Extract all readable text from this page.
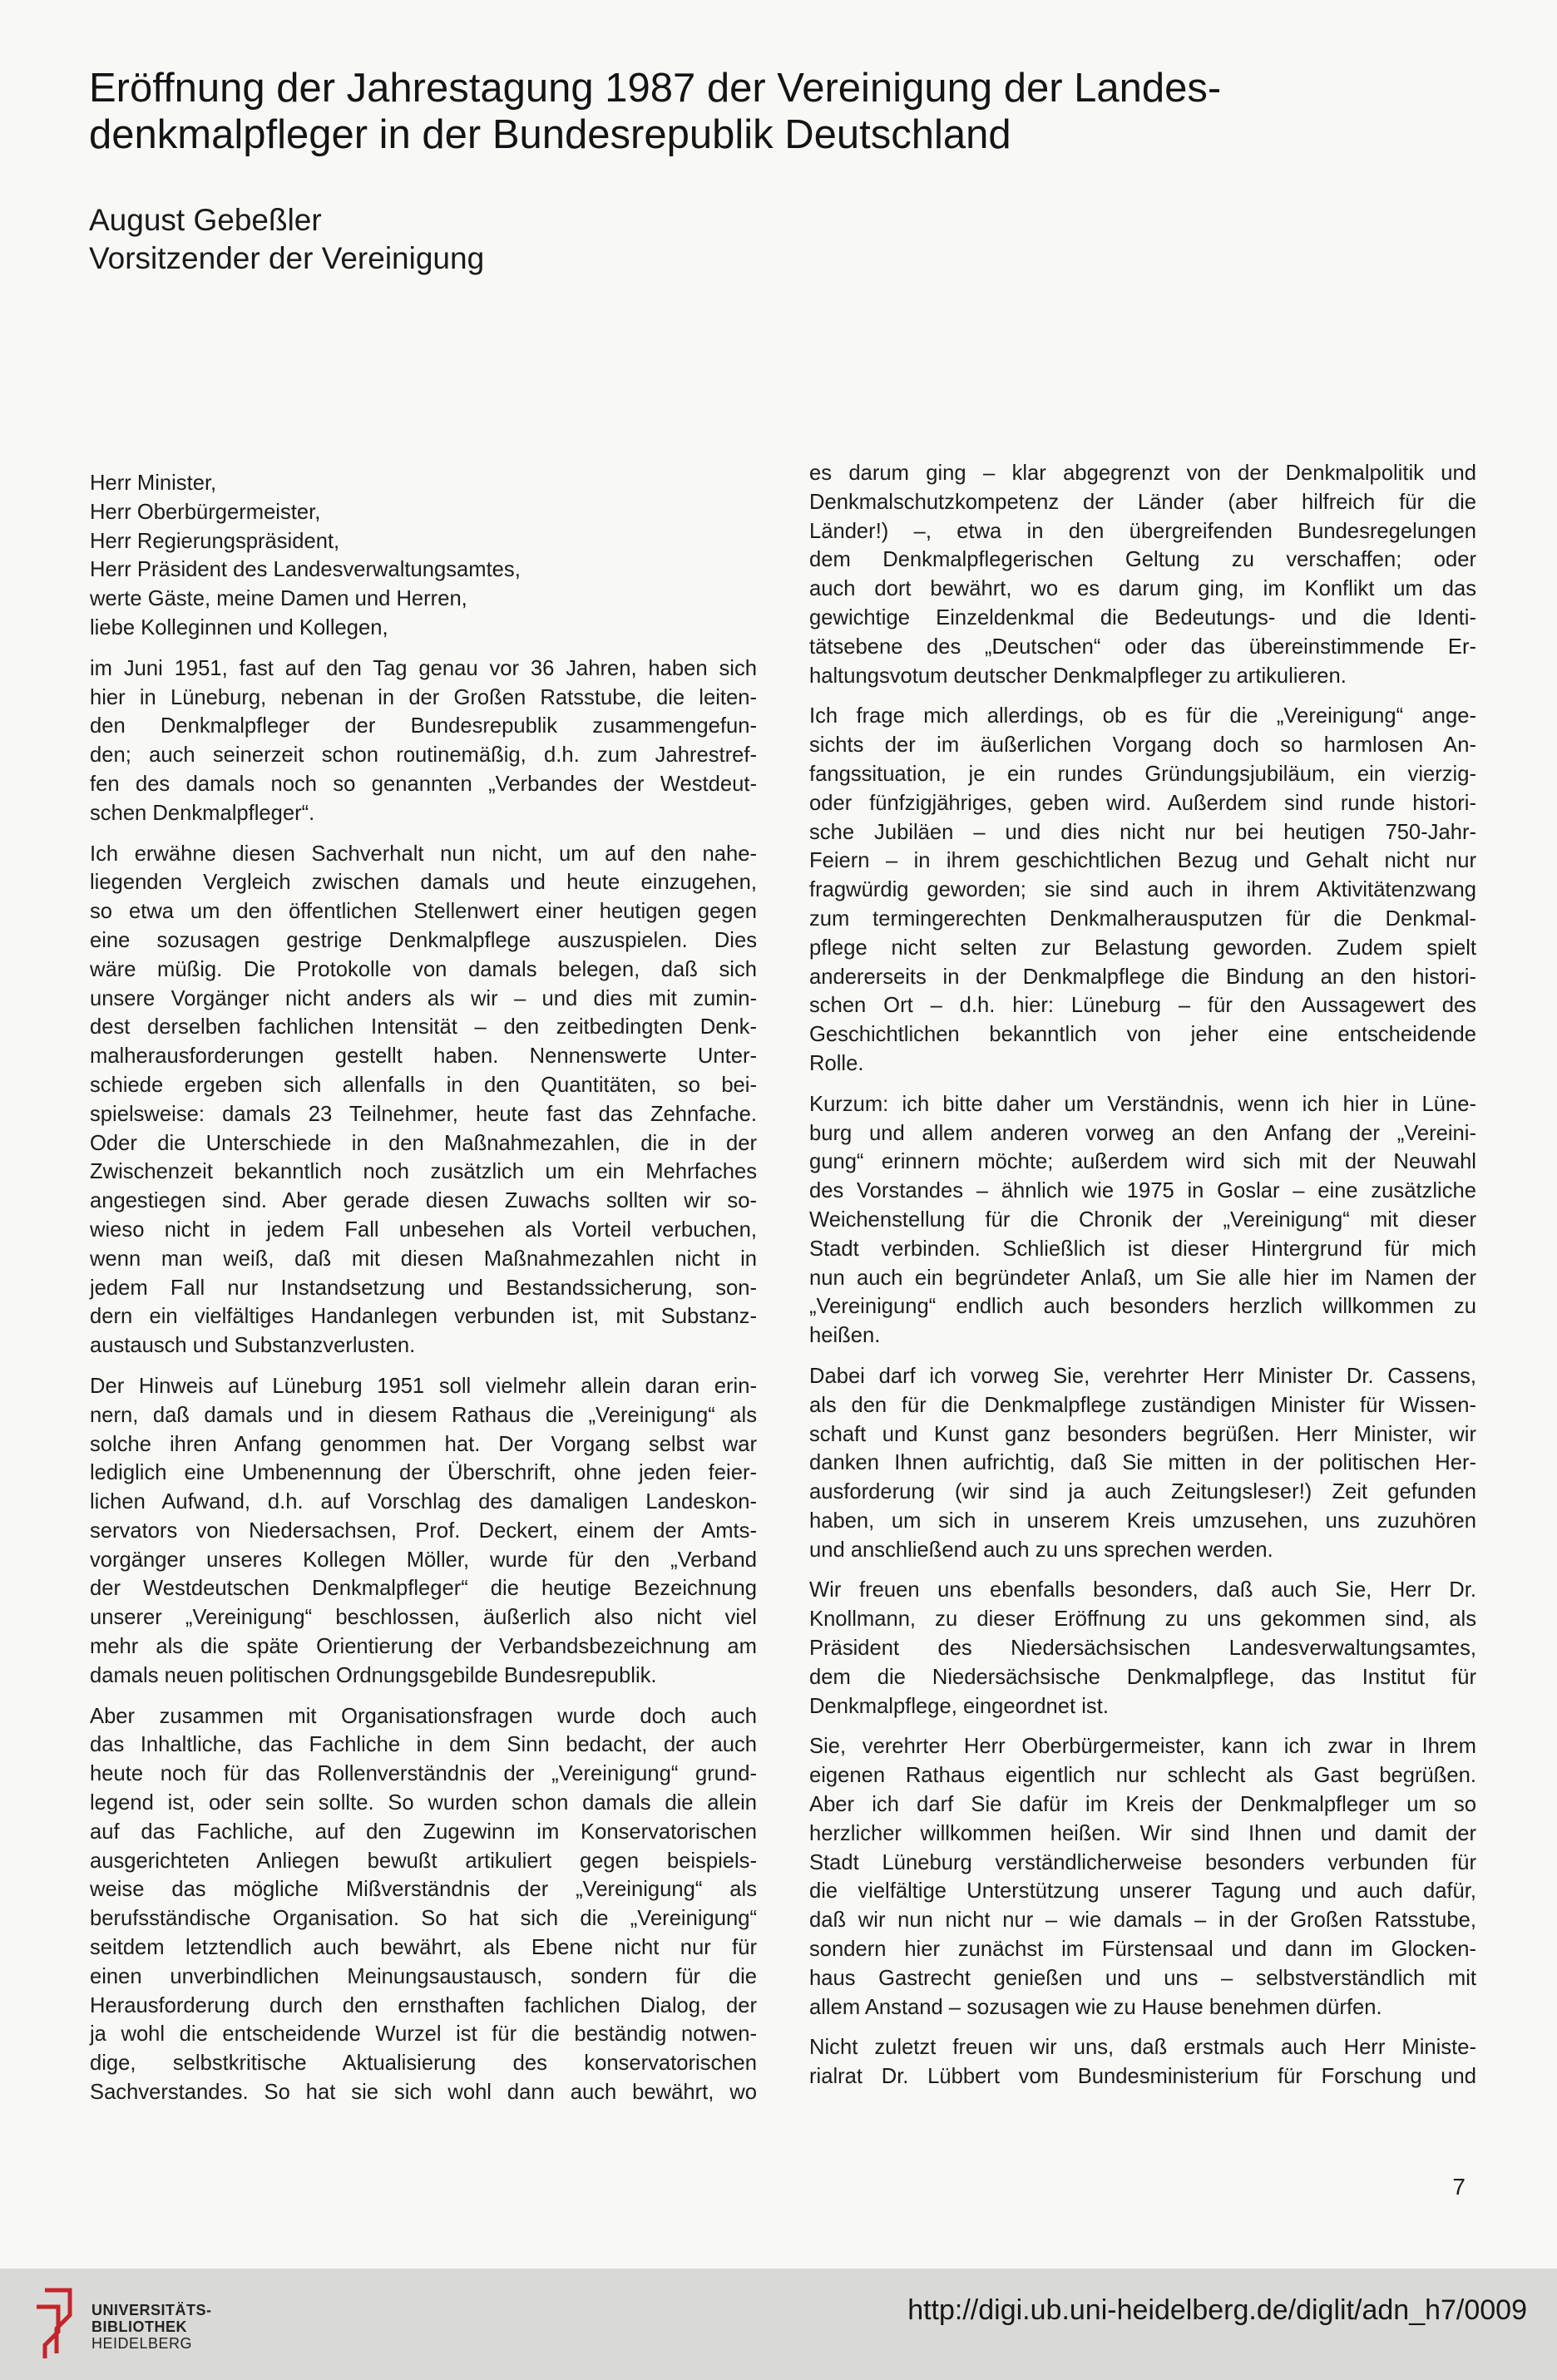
Eröffnung der Jahrestagung 1987 der Vereinigung der Landes-
denkmalpfleger in der Bundesrepublik Deutschland
August Gebeßler
Vorsitzender der Vereinigung
Herr Minister,
Herr Oberbürgermeister,
Herr Regierungspräsident,
Herr Präsident des Landesverwaltungsamtes,
werte Gäste, meine Damen und Herren,
liebe Kolleginnen und Kollegen,
im Juni 1951, fast auf den Tag genau vor 36 Jahren, haben sich
hier in Lüneburg, nebenan in der Großen Ratsstube, die leiten-
den Denkmalpfleger der Bundesrepublik zusammengefun-
den; auch seinerzeit schon routinemäßig, d.h. zum Jahrestref-
fen des damals noch so genannten „Verbandes der Westdeut-
schen Denkmalpfleger“.
Ich erwähne diesen Sachverhalt nun nicht, um auf den nahe-
liegenden Vergleich zwischen damals und heute einzugehen,
so etwa um den öffentlichen Stellenwert einer heutigen gegen
eine sozusagen gestrige Denkmalpflege auszuspielen. Dies
wäre müßig. Die Protokolle von damals belegen, daß sich
unsere Vorgänger nicht anders als wir – und dies mit zumin-
dest derselben fachlichen Intensität – den zeitbedingten Denk-
malherausforderungen gestellt haben. Nennenswerte Unter-
schiede ergeben sich allenfalls in den Quantitäten, so bei-
spielsweise: damals 23 Teilnehmer, heute fast das Zehnfache.
Oder die Unterschiede in den Maßnahmezahlen, die in der
Zwischenzeit bekanntlich noch zusätzlich um ein Mehrfaches
angestiegen sind. Aber gerade diesen Zuwachs sollten wir so-
wieso nicht in jedem Fall unbesehen als Vorteil verbuchen,
wenn man weiß, daß mit diesen Maßnahmezahlen nicht in
jedem Fall nur Instandsetzung und Bestandssicherung, son-
dern ein vielfältiges Handanlegen verbunden ist, mit Substanz-
austausch und Substanzverlusten.
Der Hinweis auf Lüneburg 1951 soll vielmehr allein daran erin-
nern, daß damals und in diesem Rathaus die „Vereinigung“ als
solche ihren Anfang genommen hat. Der Vorgang selbst war
lediglich eine Umbenennung der Überschrift, ohne jeden feier-
lichen Aufwand, d.h. auf Vorschlag des damaligen Landeskon-
servators von Niedersachsen, Prof. Deckert, einem der Amts-
vorgänger unseres Kollegen Möller, wurde für den „Verband
der Westdeutschen Denkmalpfleger“ die heutige Bezeichnung
unserer „Vereinigung“ beschlossen, äußerlich also nicht viel
mehr als die späte Orientierung der Verbandsbezeichnung am
damals neuen politischen Ordnungsgebilde Bundesrepublik.
Aber zusammen mit Organisationsfragen wurde doch auch
das Inhaltliche, das Fachliche in dem Sinn bedacht, der auch
heute noch für das Rollenverständnis der „Vereinigung“ grund-
legend ist, oder sein sollte. So wurden schon damals die allein
auf das Fachliche, auf den Zugewinn im Konservatorischen
ausgerichteten Anliegen bewußt artikuliert gegen beispiels-
weise das mögliche Mißverständnis der „Vereinigung“ als
berufsständische Organisation. So hat sich die „Vereinigung“
seitdem letztendlich auch bewährt, als Ebene nicht nur für
einen unverbindlichen Meinungsaustausch, sondern für die
Herausforderung durch den ernsthaften fachlichen Dialog, der
ja wohl die entscheidende Wurzel ist für die beständig notwen-
dige, selbstkritische Aktualisierung des konservatorischen
Sachverstandes. So hat sie sich wohl dann auch bewährt, wo
es darum ging – klar abgegrenzt von der Denkmalpolitik und
Denkmalschutzkompetenz der Länder (aber hilfreich für die
Länder!) –, etwa in den übergreifenden Bundesregelungen
dem Denkmalpflegerischen Geltung zu verschaffen; oder
auch dort bewährt, wo es darum ging, im Konflikt um das
gewichtige Einzeldenkmal die Bedeutungs- und die Identi-
tätsebene des „Deutschen“ oder das übereinstimmende Er-
haltungsvotum deutscher Denkmalpfleger zu artikulieren.
Ich frage mich allerdings, ob es für die „Vereinigung“ ange-
sichts der im äußerlichen Vorgang doch so harmlosen An-
fangssituation, je ein rundes Gründungsjubiläum, ein vierzig-
oder fünfzigjähriges, geben wird. Außerdem sind runde histori-
sche Jubiläen – und dies nicht nur bei heutigen 750-Jahr-
Feiern – in ihrem geschichtlichen Bezug und Gehalt nicht nur
fragwürdig geworden; sie sind auch in ihrem Aktivitätenzwang
zum termingerechten Denkmalherausputzen für die Denkmal-
pflege nicht selten zur Belastung geworden. Zudem spielt
andererseits in der Denkmalpflege die Bindung an den histori-
schen Ort – d.h. hier: Lüneburg – für den Aussagewert des
Geschichtlichen bekanntlich von jeher eine entscheidende
Rolle.
Kurzum: ich bitte daher um Verständnis, wenn ich hier in Lüne-
burg und allem anderen vorweg an den Anfang der „Vereini-
gung“ erinnern möchte; außerdem wird sich mit der Neuwahl
des Vorstandes – ähnlich wie 1975 in Goslar – eine zusätzliche
Weichenstellung für die Chronik der „Vereinigung“ mit dieser
Stadt verbinden. Schließlich ist dieser Hintergrund für mich
nun auch ein begründeter Anlaß, um Sie alle hier im Namen der
„Vereinigung“ endlich auch besonders herzlich willkommen zu
heißen.
Dabei darf ich vorweg Sie, verehrter Herr Minister Dr. Cassens,
als den für die Denkmalpflege zuständigen Minister für Wissen-
schaft und Kunst ganz besonders begrüßen. Herr Minister, wir
danken Ihnen aufrichtig, daß Sie mitten in der politischen Her-
ausforderung (wir sind ja auch Zeitungsleser!) Zeit gefunden
haben, um sich in unserem Kreis umzusehen, uns zuzuhören
und anschließend auch zu uns sprechen werden.
Wir freuen uns ebenfalls besonders, daß auch Sie, Herr Dr.
Knollmann, zu dieser Eröffnung zu uns gekommen sind, als
Präsident des Niedersächsischen Landesverwaltungsamtes,
dem die Niedersächsische Denkmalpflege, das Institut für
Denkmalpflege, eingeordnet ist.
Sie, verehrter Herr Oberbürgermeister, kann ich zwar in Ihrem
eigenen Rathaus eigentlich nur schlecht als Gast begrüßen.
Aber ich darf Sie dafür im Kreis der Denkmalpfleger um so
herzlicher willkommen heißen. Wir sind Ihnen und damit der
Stadt Lüneburg verständlicherweise besonders verbunden für
die vielfältige Unterstützung unserer Tagung und auch dafür,
daß wir nun nicht nur – wie damals – in der Großen Ratsstube,
sondern hier zunächst im Fürstensaal und dann im Glocken-
haus Gastrecht genießen und uns – selbstverständlich mit
allem Anstand – sozusagen wie zu Hause benehmen dürfen.
Nicht zuletzt freuen wir uns, daß erstmals auch Herr Ministe-
rialrat Dr. Lübbert vom Bundesministerium für Forschung und
7
UNIVERSITÄTS-
BIBLIOTHEK
HEIDELBERG
http://digi.ub.uni-heidelberg.de/diglit/adn_h7/0009
